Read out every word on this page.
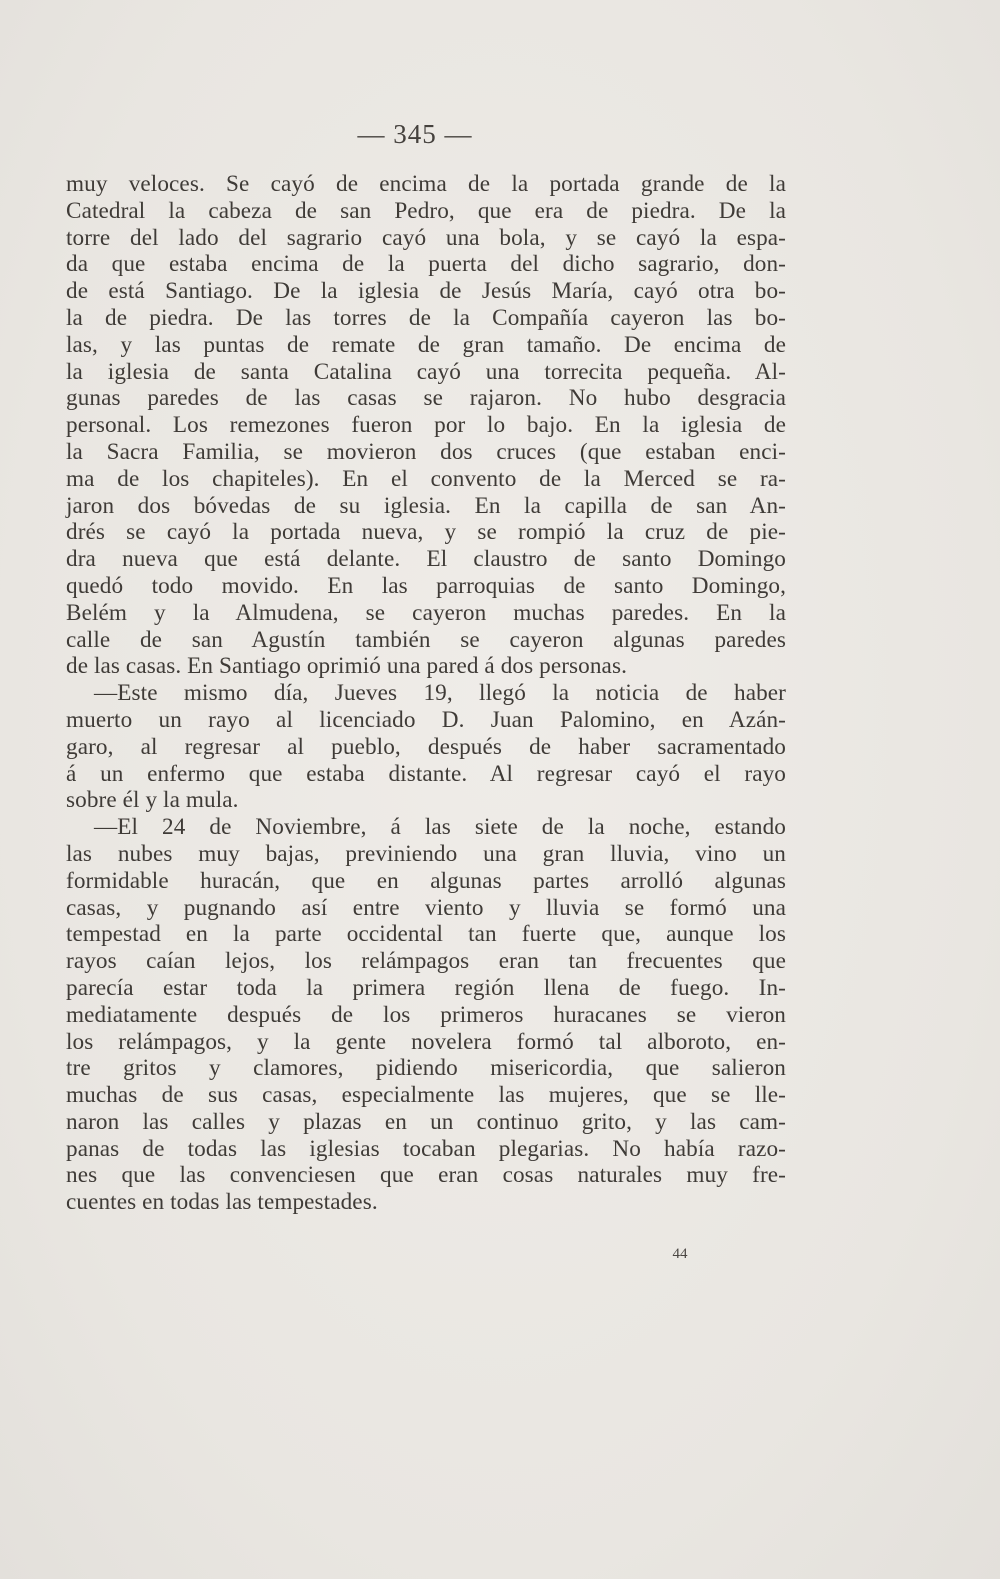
— 345 —
muy veloces. Se cayó de encima de la portada grande de la
Catedral la cabeza de san Pedro, que era de piedra. De la
torre del lado del sagrario cayó una bola, y se cayó la espa-
da que estaba encima de la puerta del dicho sagrario, don-
de está Santiago. De la iglesia de Jesús María, cayó otra bo-
la de piedra. De las torres de la Compañía cayeron las bo-
las, y las puntas de remate de gran tamaño. De encima de
la iglesia de santa Catalina cayó una torrecita pequeña. Al-
gunas paredes de las casas se rajaron. No hubo desgracia
personal. Los remezones fueron por lo bajo. En la iglesia de
la Sacra Familia, se movieron dos cruces (que estaban enci-
ma de los chapiteles). En el convento de la Merced se ra-
jaron dos bóvedas de su iglesia. En la capilla de san An-
drés se cayó la portada nueva, y se rompió la cruz de pie-
dra nueva que está delante. El claustro de santo Domingo
quedó todo movido. En las parroquias de santo Domingo,
Belém y la Almudena, se cayeron muchas paredes. En la
calle de san Agustín también se cayeron algunas paredes
de las casas. En Santiago oprimió una pared á dos personas.
—Este mismo día, Jueves 19, llegó la noticia de haber
muerto un rayo al licenciado D. Juan Palomino, en Azán-
garo, al regresar al pueblo, después de haber sacramentado
á un enfermo que estaba distante. Al regresar cayó el rayo
sobre él y la mula.
—El 24 de Noviembre, á las siete de la noche, estando
las nubes muy bajas, previniendo una gran lluvia, vino un
formidable huracán, que en algunas partes arrolló algunas
casas, y pugnando así entre viento y lluvia se formó una
tempestad en la parte occidental tan fuerte que, aunque los
rayos caían lejos, los relámpagos eran tan frecuentes que
parecía estar toda la primera región llena de fuego. In-
mediatamente después de los primeros huracanes se vieron
los relámpagos, y la gente novelera formó tal alboroto, en-
tre gritos y clamores, pidiendo misericordia, que salieron
muchas de sus casas, especialmente las mujeres, que se lle-
naron las calles y plazas en un continuo grito, y las cam-
panas de todas las iglesias tocaban plegarias. No había razo-
nes que las convenciesen que eran cosas naturales muy fre-
cuentes en todas las tempestades.
44
